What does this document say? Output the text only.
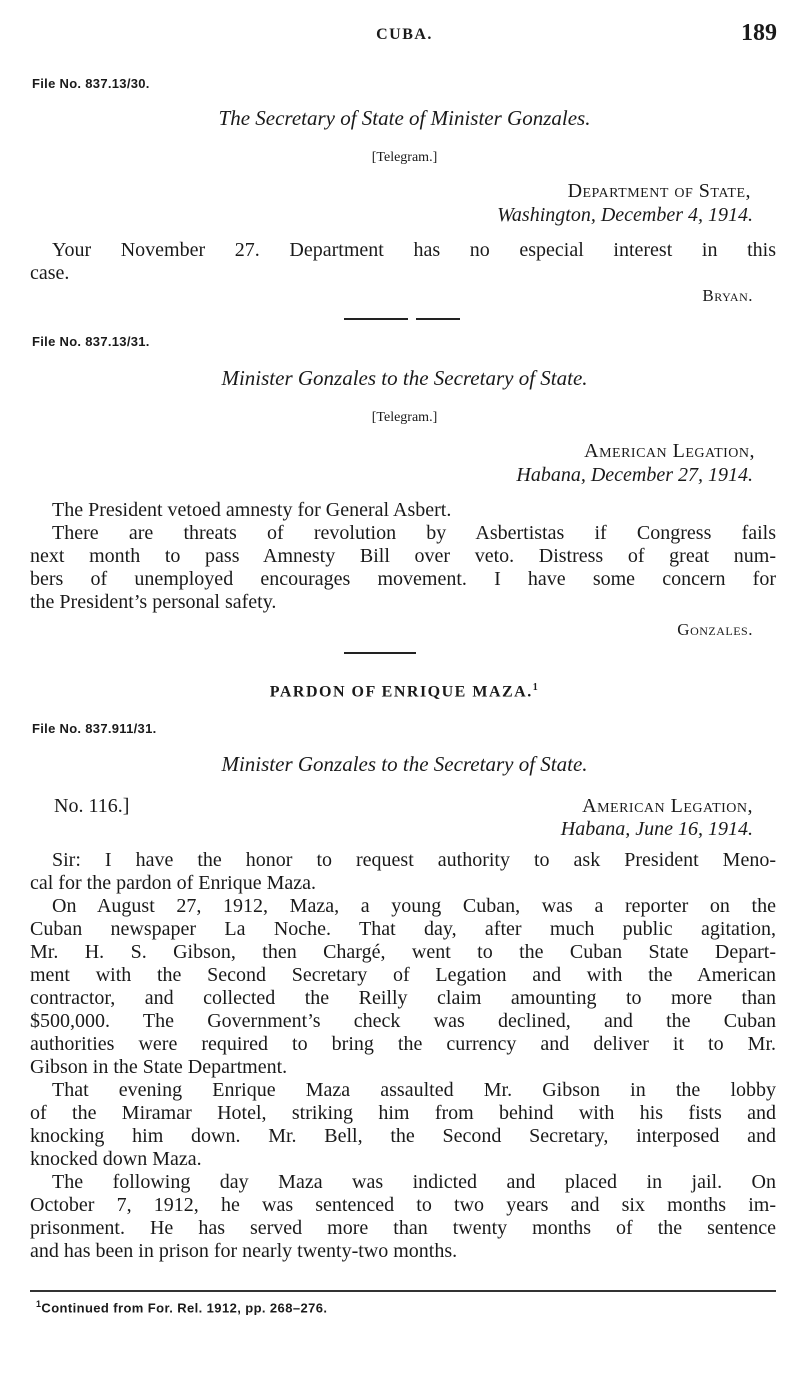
CUBA.	189
File No. 837.13/30.
The Secretary of State of Minister Gonzales.
[Telegram.]
Department of State,
Washington, December 4, 1914.
Your November 27. Department has no especial interest in this
case.
Bryan.
File No. 837.13/31.
Minister Gonzales to the Secretary of State.
[Telegram.]
American Legation,
Habana, December 27, 1914.
The President vetoed amnesty for General Asbert.
There are threats of revolution by Asbertistas if Congress fails
next month to pass Amnesty Bill over veto. Distress of great num-
bers of unemployed encourages movement. I have some concern for
the President’s personal safety.
Gonzales.
PARDON OF ENRIQUE MAZA.$^1$
File No. 837.911/31.
Minister Gonzales to the Secretary of State.
No. 116.]	American Legation,
Habana, June 16, 1914.
Sir: I have the honor to request authority to ask President Meno-
cal for the pardon of Enrique Maza.
On August 27, 1912, Maza, a young Cuban, was a reporter on the
Cuban newspaper La Noche. That day, after much public agitation,
Mr. H. S. Gibson, then Chargé, went to the Cuban State Depart-
ment with the Second Secretary of Legation and with the American
contractor, and collected the Reilly claim amounting to more than
$500,000. The Government’s check was declined, and the Cuban
authorities were required to bring the currency and deliver it to Mr.
Gibson in the State Department.
That evening Enrique Maza assaulted Mr. Gibson in the lobby
of the Miramar Hotel, striking him from behind with his fists and
knocking him down. Mr. Bell, the Second Secretary, interposed and
knocked down Maza.
The following day Maza was indicted and placed in jail. On
October 7, 1912, he was sentenced to two years and six months im-
prisonment. He has served more than twenty months of the sentence
and has been in prison for nearly twenty-two months.
$^1$Continued from For. Rel. 1912, pp. 268–276.
